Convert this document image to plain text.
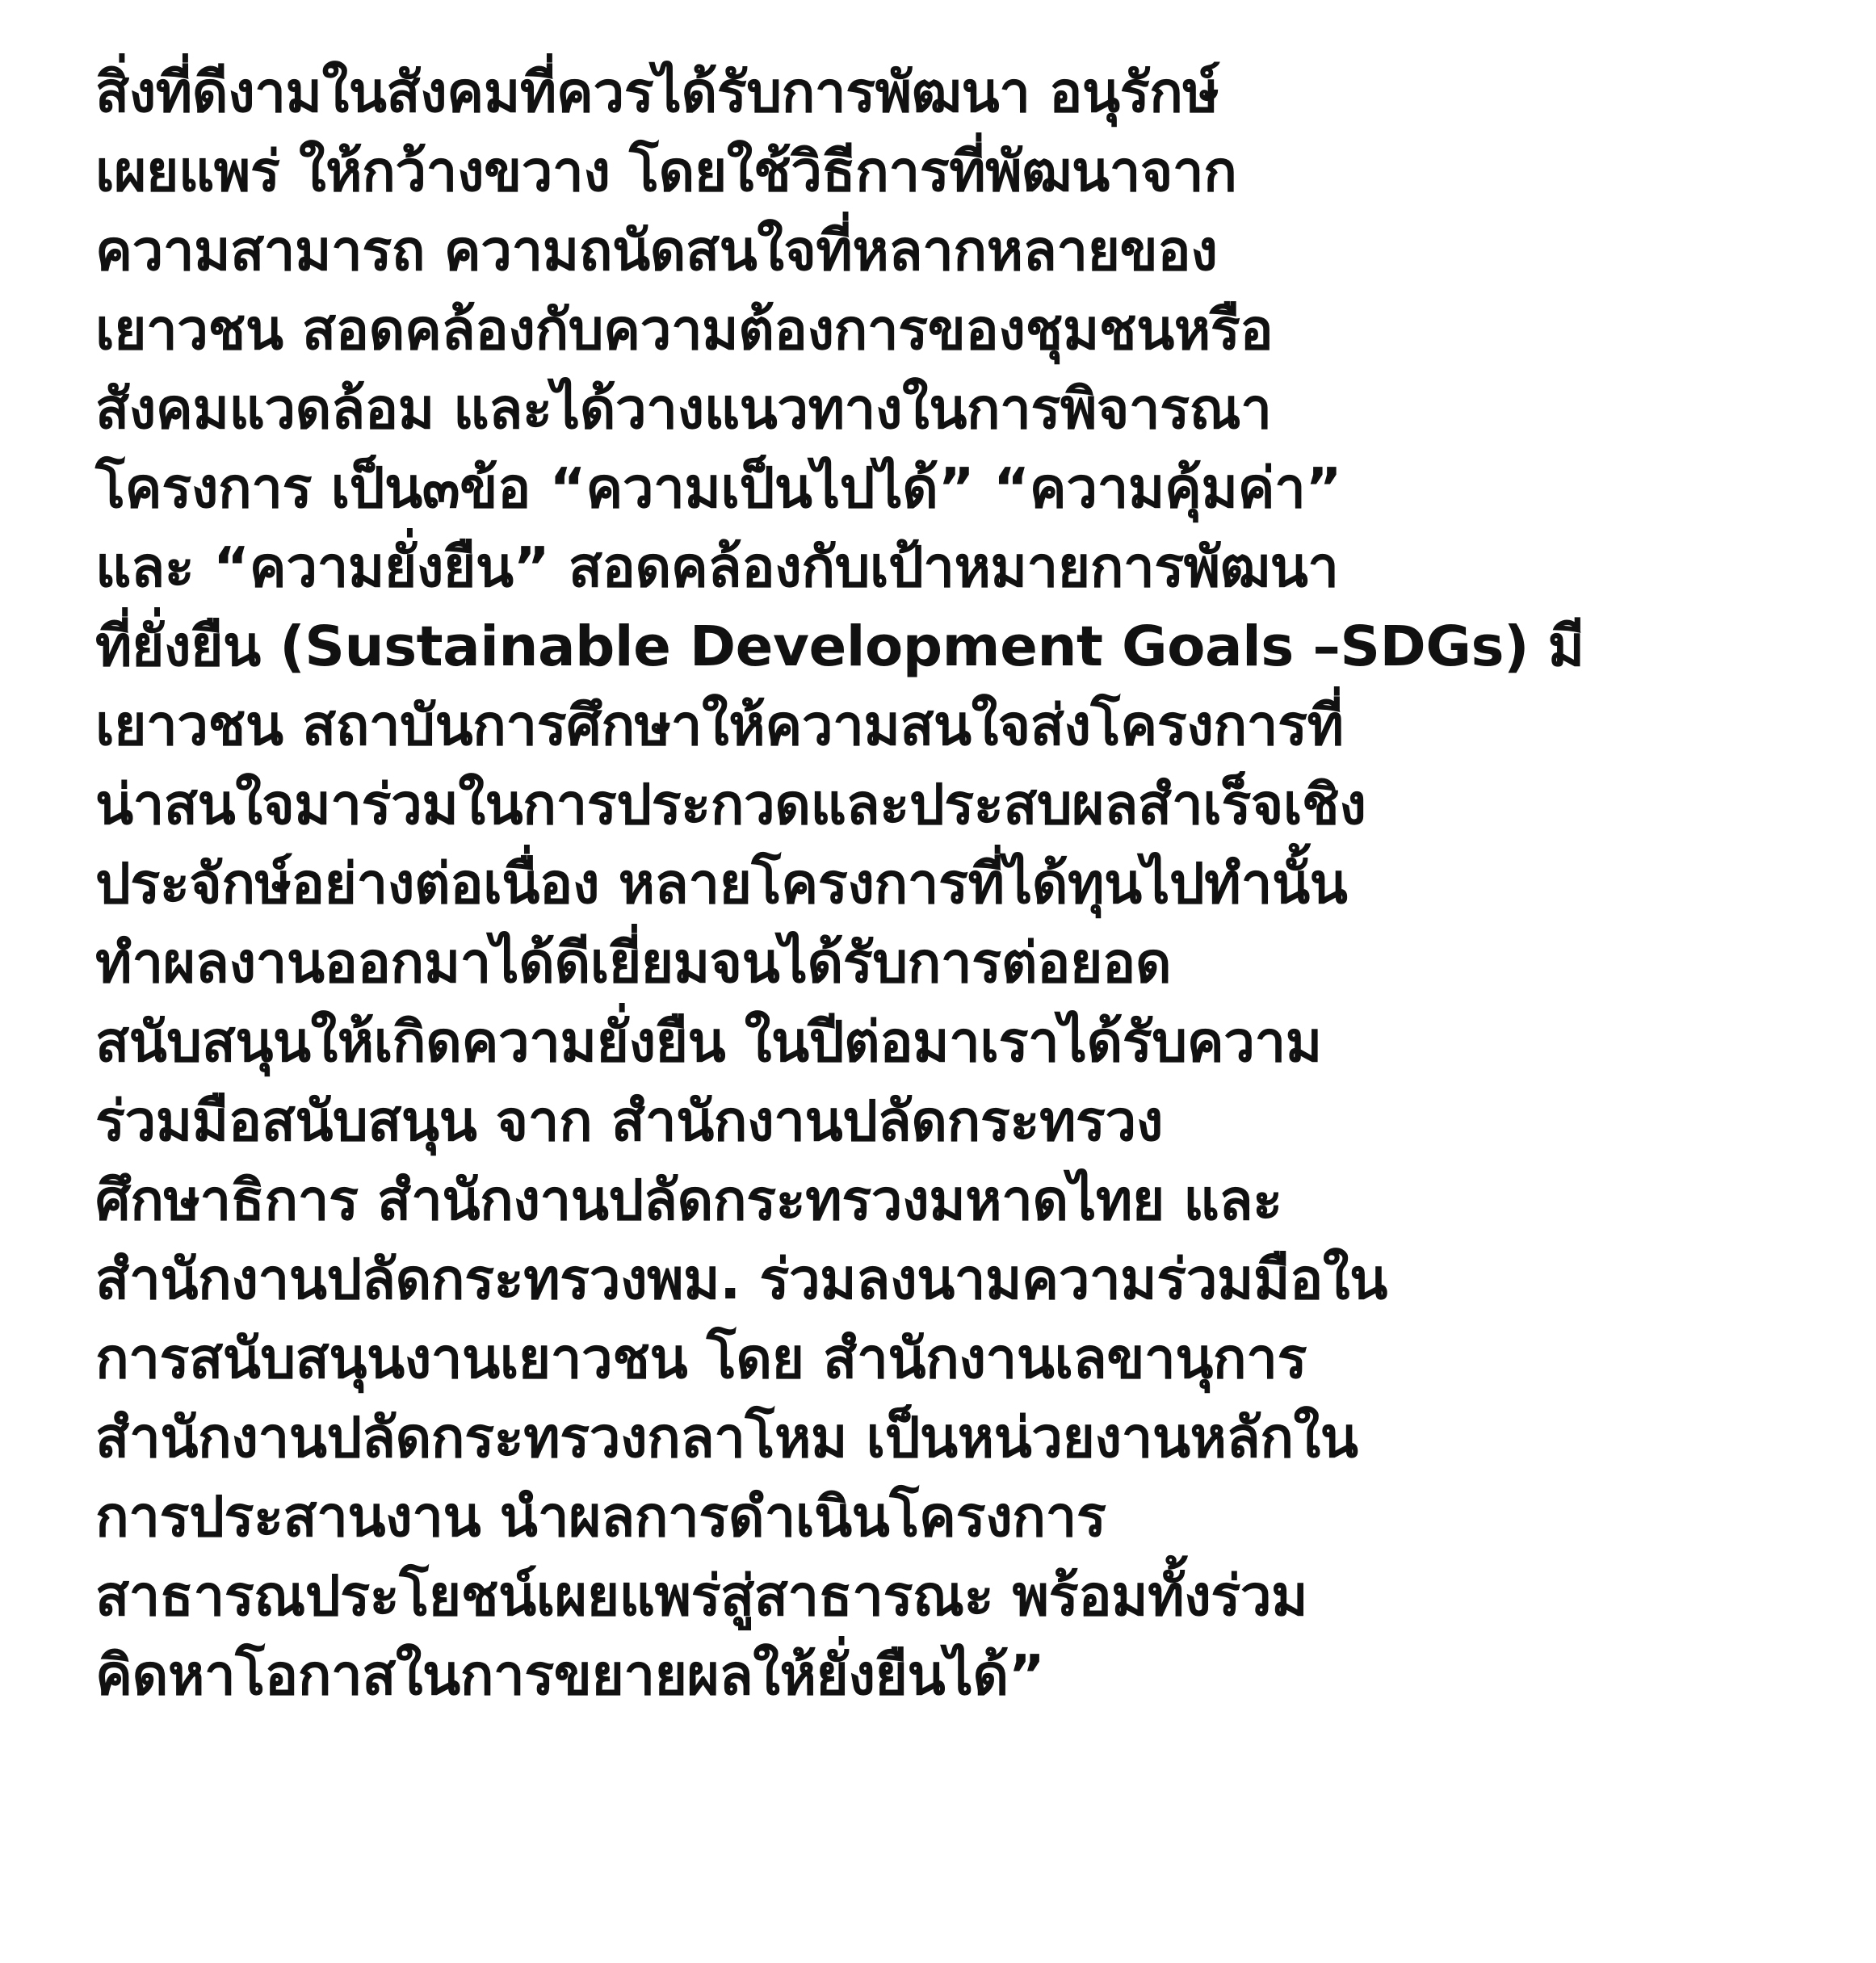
สิ่งที่ดีงามในสังคมที่ควรได้รับการพัฒนา อนุรักษ์
เผยแพร่ ให้กว้างขวาง โดยใช้วิธีการที่พัฒนาจาก
ความสามารถ ความถนัดสนใจที่หลากหลายของ
เยาวชน สอดคล้องกับความต้องการของชุมชนหรือ
สังคมแวดล้อม และได้วางแนวทางในการพิจารณา
โครงการ เป็น๓ข้อ “ความเป็นไปได้” “ความคุ้มค่า”
และ “ความยั่งยืน” สอดคล้องกับเป้าหมายการพัฒนา
ที่ยั่งยืน (Sustainable Development Goals –SDGs) มี
เยาวชน สถาบันการศึกษาให้ความสนใจส่งโครงการที่
น่าสนใจมาร่วมในการประกวดและประสบผลสำเร็จเชิง
ประจักษ์อย่างต่อเนื่อง หลายโครงการที่ได้ทุนไปทำนั้น
ทำผลงานออกมาได้ดีเยี่ยมจนได้รับการต่อยอด
สนับสนุนให้เกิดความยั่งยืน ในปีต่อมาเราได้รับความ
ร่วมมือสนับสนุน จาก สำนักงานปลัดกระทรวง
ศึกษาธิการ สำนักงานปลัดกระทรวงมหาดไทย และ
สำนักงานปลัดกระทรวงพม. ร่วมลงนามความร่วมมือใน
การสนับสนุนงานเยาวชน โดย สำนักงานเลขานุการ
สำนักงานปลัดกระทรวงกลาโหม เป็นหน่วยงานหลักใน
การประสานงาน นำผลการดำเนินโครงการ
สาธารณประโยชน์เผยแพร่สู่สาธารณะ พร้อมทั้งร่วม
คิดหาโอกาสในการขยายผลให้ยั่งยืนได้”
